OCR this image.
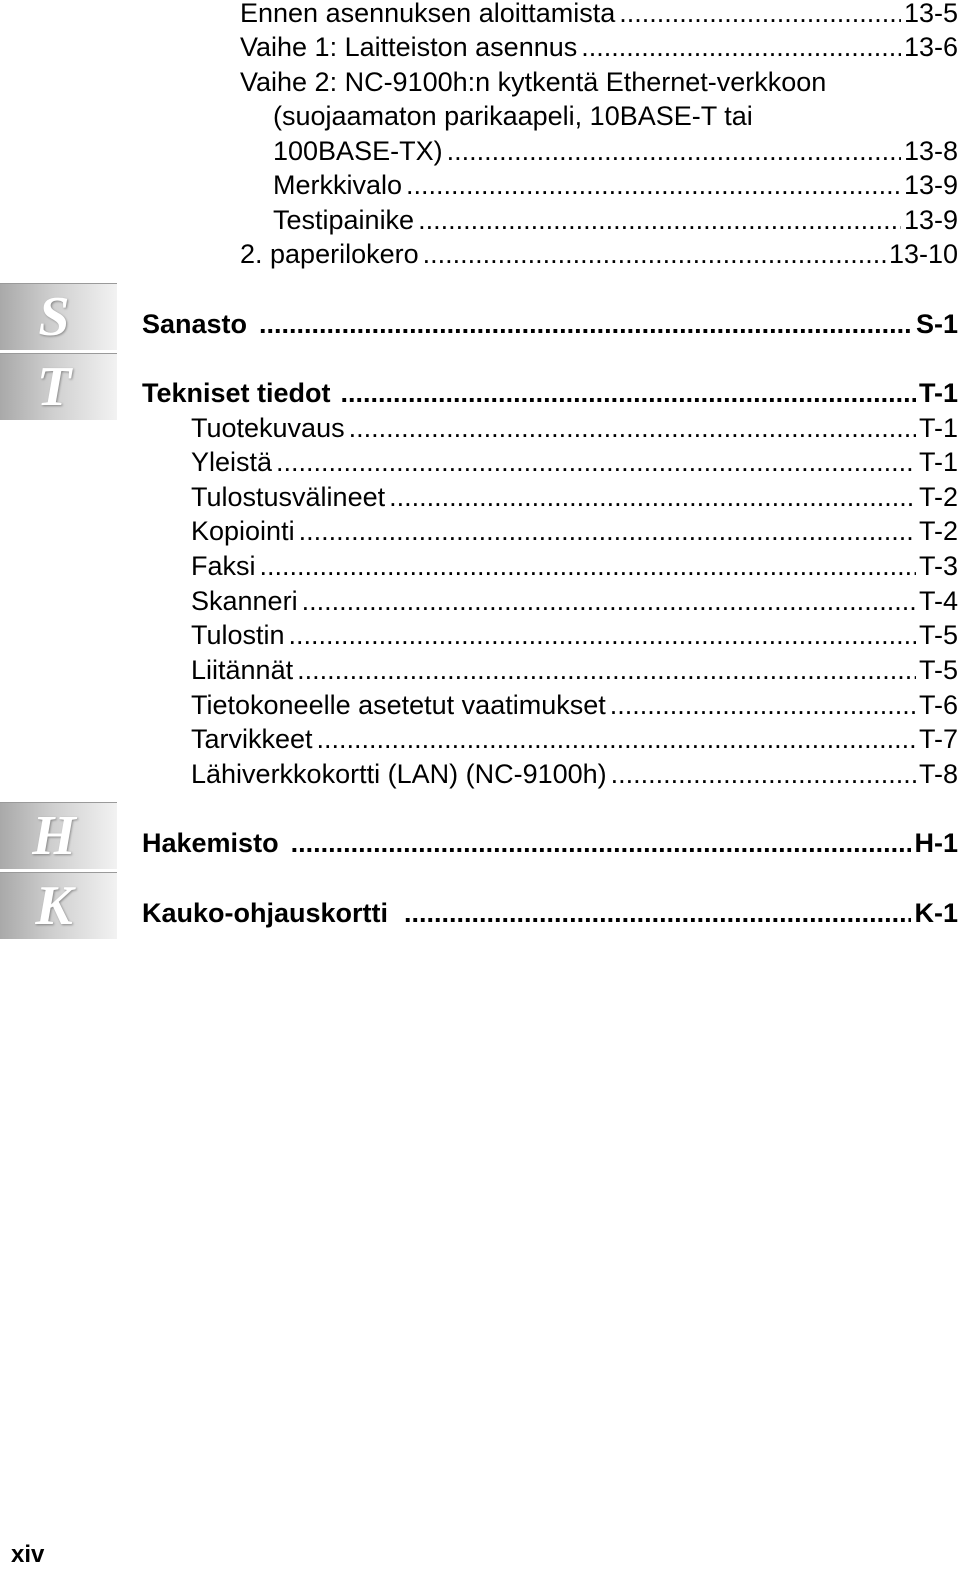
Ennen asennuksen aloittamista .....	13-5
Vaihe 1: Laitteiston asennus .....	13-6
Vaihe 2: NC-9100h:n kytkentä Ethernet-verkkoon
(suojaamaton parikaapeli, 10BASE-T tai
100BASE-TX) .....	13-8
Merkkivalo .....	13-9
Testipainike .....	13-9
2. paperilokero .....	13-10
S
T
H
K
Sanasto .....	S-1
Tekniset tiedot .....	T-1
Tuotekuvaus .....	T-1
Yleistä .....	T-1
Tulostusvälineet .....	T-2
Kopiointi .....	T-2
Faksi .....	T-3
Skanneri .....	T-4
Tulostin .....	T-5
Liitännät .....	T-5
Tietokoneelle asetetut vaatimukset .....	T-6
Tarvikkeet .....	T-7
Lähiverkkokortti (LAN) (NC-9100h) .....	T-8
Hakemisto .....	H-1
Kauko-ohjauskortti .....	K-1
xiv
